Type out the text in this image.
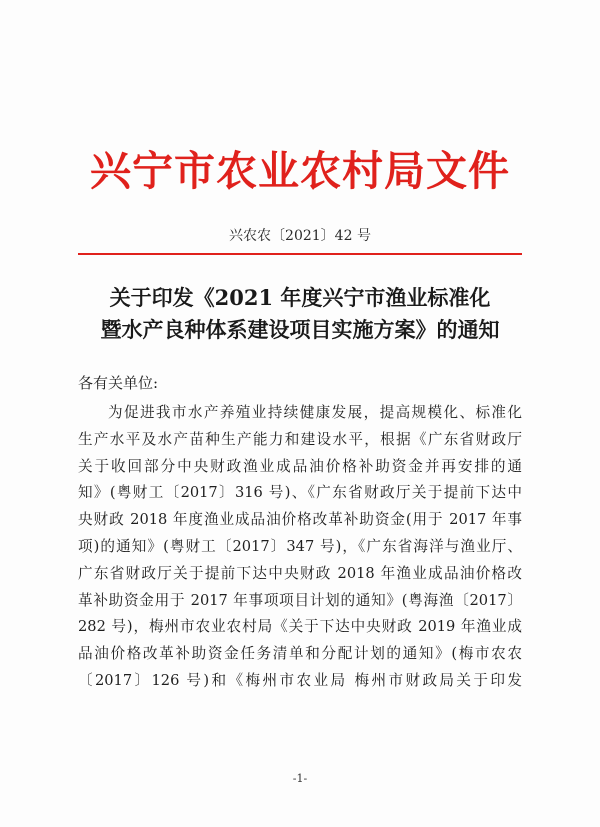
兴宁市农业农村局文件
兴农农〔2021〕42 号
关于印发《2021 年度兴宁市渔业标准化
暨水产良种体系建设项目实施方案》的通知
各有关单位:
为促进我市水产养殖业持续健康发展，提高规模化、标准化
生产水平及水产苗种生产能力和建设水平，根据《广东省财政厅
关于收回部分中央财政渔业成品油价格补助资金并再安排的通
知》(粤财工〔2017〕316 号)、《广东省财政厅关于提前下达中
央财政 2018 年度渔业成品油价格改革补助资金(用于 2017 年事
项)的通知》(粤财工〔2017〕347 号)，《广东省海洋与渔业厅、
广东省财政厅关于提前下达中央财政 2018 年渔业成品油价格改
革补助资金用于 2017 年事项项目计划的通知》(粤海渔〔2017〕
282 号)，梅州市农业农村局《关于下达中央财政 2019 年渔业成
品油价格改革补助资金任务清单和分配计划的通知》(梅市农农
〔2017〕126 号)和《梅州市农业局 梅州市财政局关于印发
-1-
